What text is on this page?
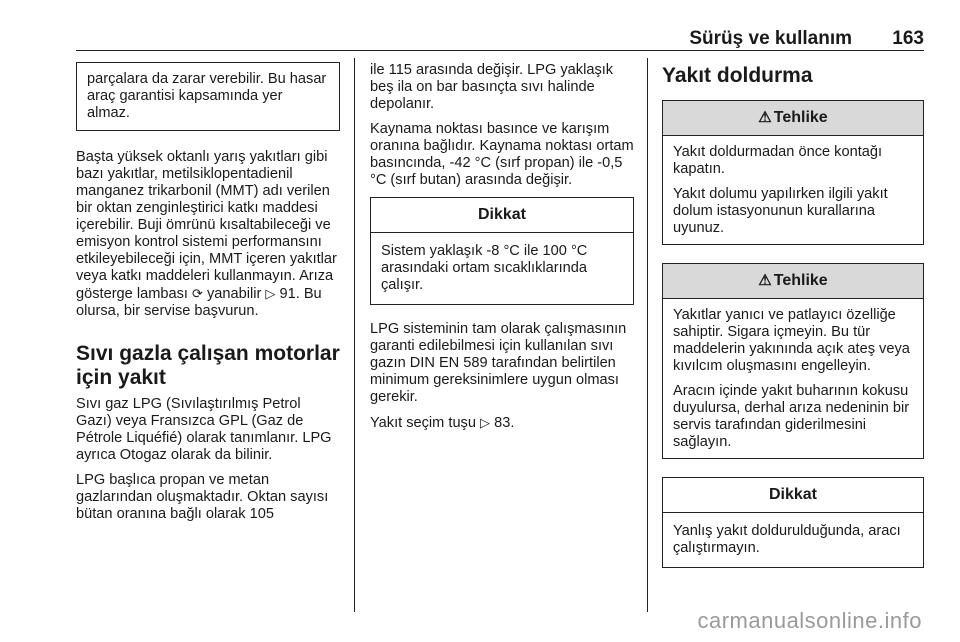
Sürüş ve kullanım 163
parçalara da zarar verebilir. Bu hasar araç garantisi kapsamında yer almaz.

Başta yüksek oktanlı yarış yakıtları gibi bazı yakıtlar, metilsiklopentadienil manganez trikarbonil (MMT) adı verilen bir oktan zenginleştirici katkı maddesi içerebilir. Buji ömrünü kısaltabileceği ve emisyon kontrol sistemi performansını etkileyebileceği için, MMT içeren yakıtlar veya katkı maddeleri kullanmayın. Arıza gösterge lambası ⟳ yanabilir ▷ 91. Bu olursa, bir servise başvurun.

Sıvı gazla çalışan motorlar için yakıt

Sıvı gaz LPG (Sıvılaştırılmış Petrol Gazı) veya Fransızca GPL (Gaz de Pétrole Liquéfié) olarak tanımlanır. LPG ayrıca Otogaz olarak da bilinir.

LPG başlıca propan ve metan gazlarından oluşmaktadır. Oktan sayısı bütan oranına bağlı olarak 105

ile 115 arasında değişir. LPG yaklaşık beş ila on bar basınçta sıvı halinde depolanır.

Kaynama noktası basınce ve karışım oranına bağlıdır. Kaynama noktası ortam basıncında, -42 °C (sırf propan) ile -0,5 °C (sırf butan) arasında değişir.

Dikkat

Sistem yaklaşık -8 °C ile 100 °C arasındaki ortam sıcaklıklarında çalışır.

LPG sisteminin tam olarak çalışmasının garanti edilebilmesi için kullanılan sıvı gazın DIN EN 589 tarafından belirtilen minimum gereksinimlere uygun olması gerekir.

Yakıt seçim tuşu ▷ 83.

Yakıt doldurma
⚠ Tehlike

Yakıt doldurmadan önce kontağı kapatın.

Yakıt dolumu yapılırken ilgili yakıt dolum istasyonunun kurallarına uyunuz.

⚠ Tehlike

Yakıtlar yanıcı ve patlayıcı özelliğe sahiptir. Sigara içmeyin. Bu tür maddelerin yakınında açık ateş veya kıvılcım oluşmasını engelleyin.

Aracın içinde yakıt buharının kokusu duyulursa, derhal arıza nedeninin bir servis tarafından giderilmesini sağlayın.

Dikkat

Yanlış yakıt doldurulduğunda, aracı çalıştırmayın.

carmanualsonline.info
